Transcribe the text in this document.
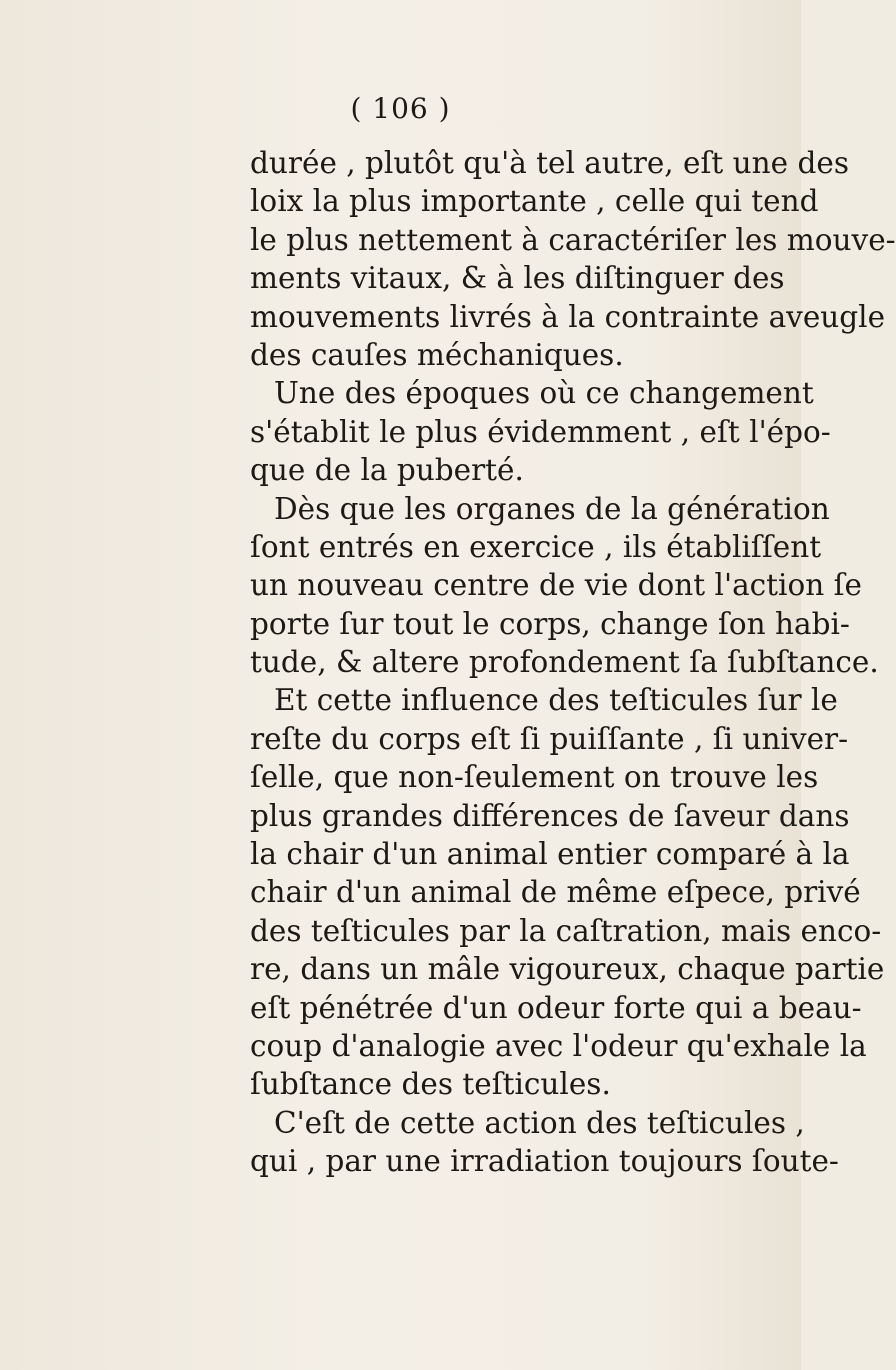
( 106 )
durée , plutôt qu'à tel autre, eſt une des
loix la plus importante , celle qui tend
le plus nettement à caractériſer les mouve-
ments vitaux, & à les diſtinguer des
mouvements livrés à la contrainte aveugle
des cauſes méchaniques.
Une des époques où ce changement
s'établit le plus évidemment , eſt l'épo-
que de la puberté.
Dès que les organes de la génération
ſont entrés en exercice , ils établiſſent
un nouveau centre de vie dont l'action ſe
porte ſur tout le corps, change ſon habi-
tude, & altere profondement ſa ſubſtance.
Et cette influence des teſticules ſur le
reſte du corps eſt ſi puiſſante , ſi univer-
ſelle, que non-ſeulement on trouve les
plus grandes différences de ſaveur dans
la chair d'un animal entier comparé à la
chair d'un animal de même eſpece, privé
des teſticules par la caſtration, mais enco-
re, dans un mâle vigoureux, chaque partie
eſt pénétrée d'un odeur forte qui a beau-
coup d'analogie avec l'odeur qu'exhale la
ſubſtance des teſticules.
C'eſt de cette action des teſticules ,
qui , par une irradiation toujours ſoute-
